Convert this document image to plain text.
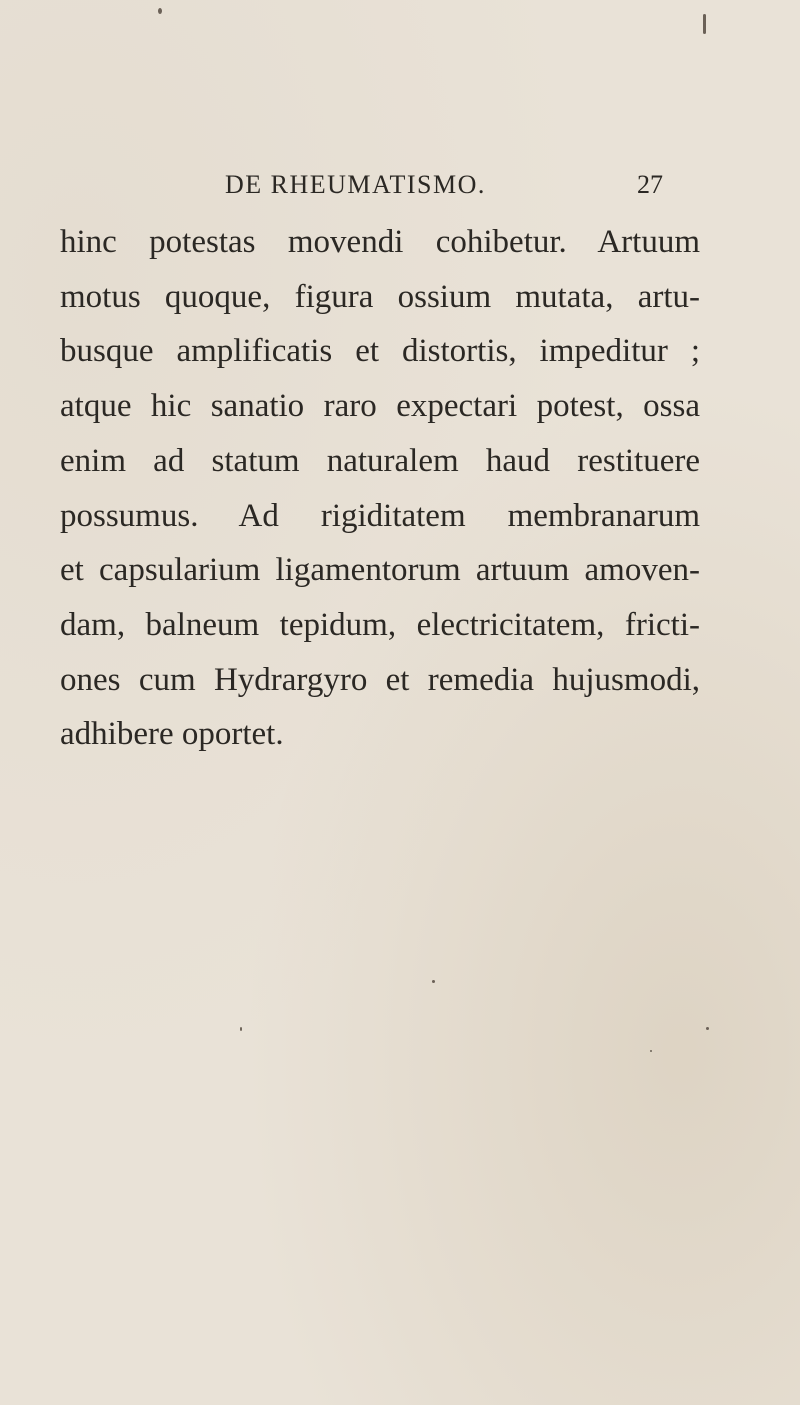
DE RHEUMATISMO.	27
hinc potestas movendi cohibetur. Artuum
motus quoque, figura ossium mutata, artu-
busque amplificatis et distortis, impeditur ;
atque hic sanatio raro expectari potest, ossa
enim ad statum naturalem haud restituere
possumus. Ad rigiditatem membranarum
et capsularium ligamentorum artuum amoven-
dam, balneum tepidum, electricitatem, fricti-
ones cum Hydrargyro et remedia hujusmodi,
adhibere oportet.
